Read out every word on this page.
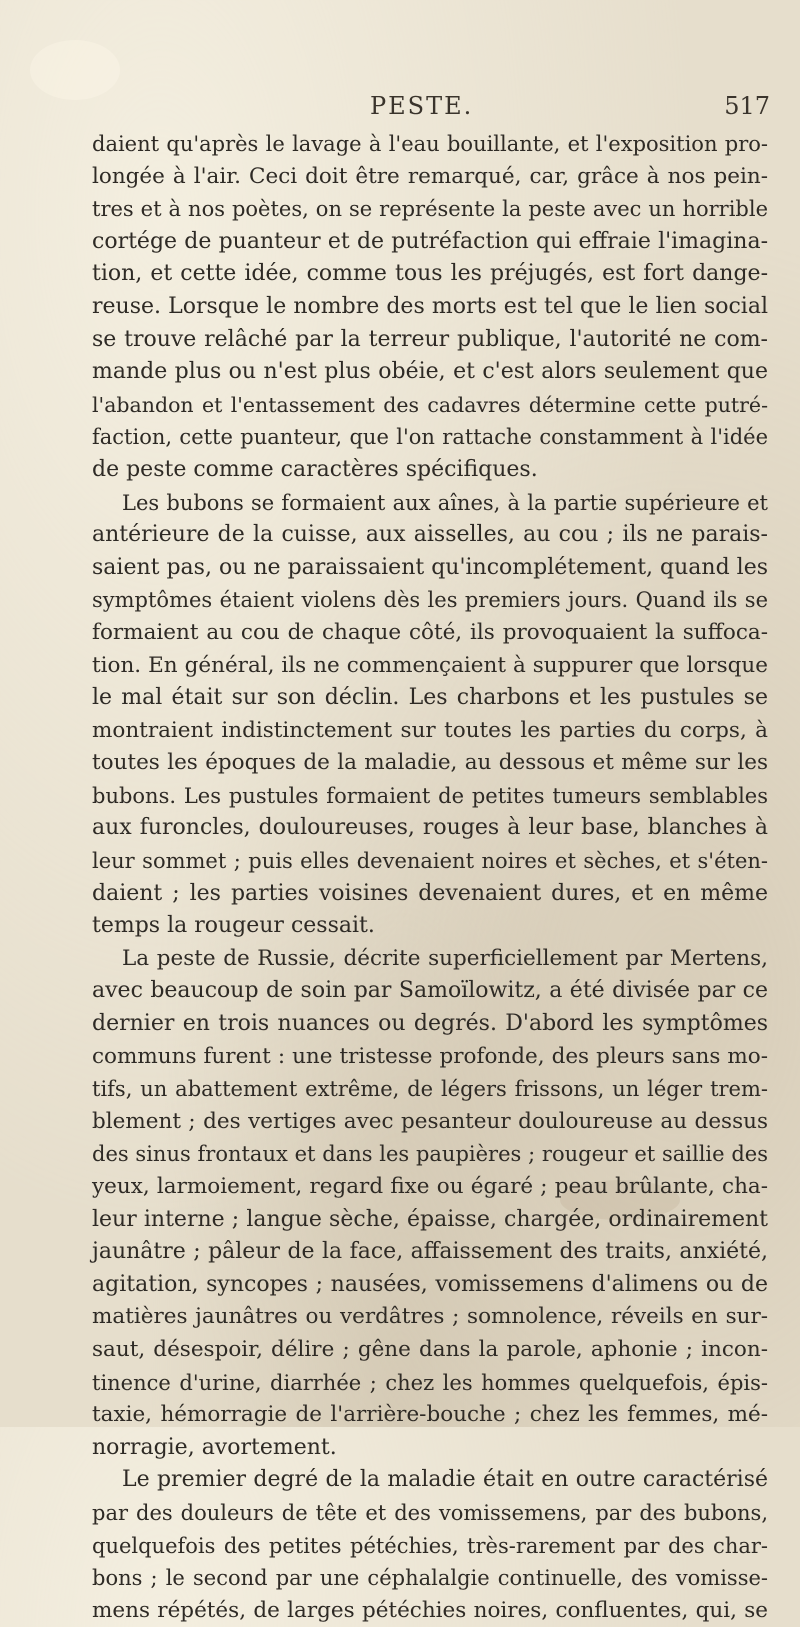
PESTE.	517
daient qu'après le lavage à l'eau bouillante, et l'exposition pro-
longée à l'air. Ceci doit être remarqué, car, grâce à nos pein-
tres et à nos poètes, on se représente la peste avec un horrible
cortége de puanteur et de putréfaction qui effraie l'imagina-
tion, et cette idée, comme tous les préjugés, est fort dange-
reuse. Lorsque le nombre des morts est tel que le lien social
se trouve relâché par la terreur publique, l'autorité ne com-
mande plus ou n'est plus obéie, et c'est alors seulement que
l'abandon et l'entassement des cadavres détermine cette putré-
faction, cette puanteur, que l'on rattache constamment à l'idée
de peste comme caractères spécifiques.
Les bubons se formaient aux aînes, à la partie supérieure et
antérieure de la cuisse, aux aisselles, au cou ; ils ne parais-
saient pas, ou ne paraissaient qu'incomplétement, quand les
symptômes étaient violens dès les premiers jours. Quand ils se
formaient au cou de chaque côté, ils provoquaient la suffoca-
tion. En général, ils ne commençaient à suppurer que lorsque
le mal était sur son déclin. Les charbons et les pustules se
montraient indistinctement sur toutes les parties du corps, à
toutes les époques de la maladie, au dessous et même sur les
bubons. Les pustules formaient de petites tumeurs semblables
aux furoncles, douloureuses, rouges à leur base, blanches à
leur sommet ; puis elles devenaient noires et sèches, et s'éten-
daient ; les parties voisines devenaient dures, et en même
temps la rougeur cessait.
La peste de Russie, décrite superficiellement par Mertens,
avec beaucoup de soin par Samoïlowitz, a été divisée par ce
dernier en trois nuances ou degrés. D'abord les symptômes
communs furent : une tristesse profonde, des pleurs sans mo-
tifs, un abattement extrême, de légers frissons, un léger trem-
blement ; des vertiges avec pesanteur douloureuse au dessus
des sinus frontaux et dans les paupières ; rougeur et saillie des
yeux, larmoiement, regard fixe ou égaré ; peau brûlante, cha-
leur interne ; langue sèche, épaisse, chargée, ordinairement
jaunâtre ; pâleur de la face, affaissement des traits, anxiété,
agitation, syncopes ; nausées, vomissemens d'alimens ou de
matières jaunâtres ou verdâtres ; somnolence, réveils en sur-
saut, désespoir, délire ; gêne dans la parole, aphonie ; incon-
tinence d'urine, diarrhée ; chez les hommes quelquefois, épis-
taxie, hémorragie de l'arrière-bouche ; chez les femmes, mé-
norragie, avortement.
Le premier degré de la maladie était en outre caractérisé
par des douleurs de tête et des vomissemens, par des bubons,
quelquefois des petites pétéchies, très-rarement par des char-
bons ; le second par une céphalalgie continuelle, des vomisse-
mens répétés, de larges pétéchies noires, confluentes, qui, se
